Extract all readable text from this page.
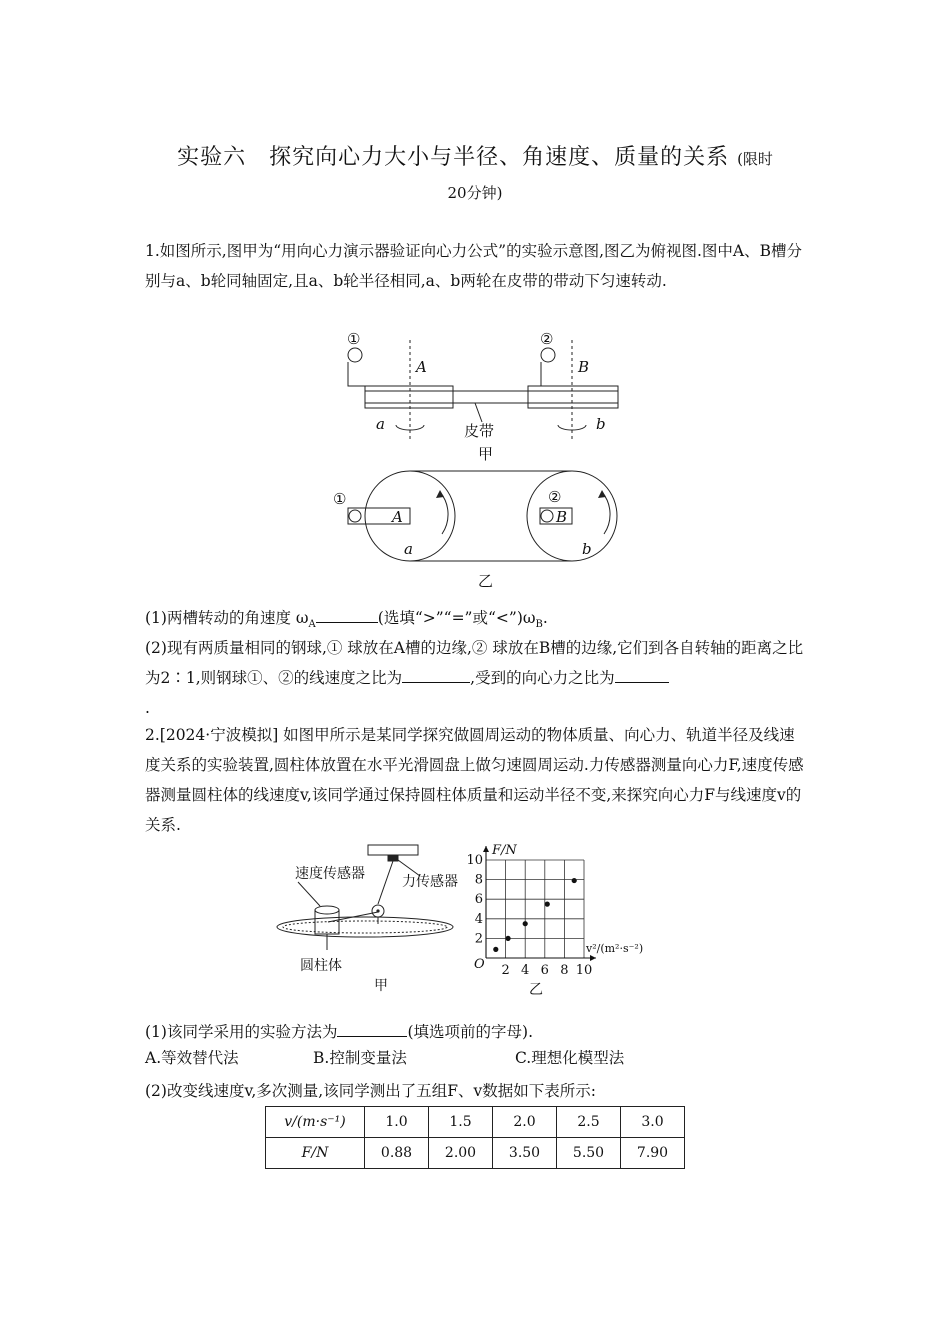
实验六　探究向心力大小与半径、角速度、质量的关系 (限时
20分钟)
1.如图所示,图甲为“用向心力演示器验证向心力公式”的实验示意图,图乙为俯视图.图中A、B槽分别与a、b轮同轴固定,且a、b轮半径相同,a、b两轮在皮带的带动下匀速转动.
①	②
A	B
a	b
皮带
甲
①	②
A	B
a	b
乙
(1)两槽转动的角速度 $\omega_A$	(选填“>”“=”或“$<”)\omega_B$.
(2)现有两质量相同的钢球,① 球放在A槽的边缘,② 球放在B槽的边缘,它们到各自转轴的距离之比为2∶1,则钢球①、②的线速度之比为	,受到的向心力之比为
.
2.[2024·宁波模拟] 如图甲所示是某同学探究做圆周运动的物体质量、向心力、轨道半径及线速度关系的实验装置,圆柱体放置在水平光滑圆盘上做匀速圆周运动.力传感器测量向心力F,速度传感器测量圆柱体的线速度v,该同学通过保持圆柱体质量和运动半径不变,来探究向心力F与线速度v的关系.
速度传感器	力传感器
圆柱体
甲
2 4 6 8 10
2
4
6
8
10
O
F/N
v²/(m²·s⁻²)
乙
(1)该同学采用的实验方法为	(填选项前的字母).
A.等效替代法	B.控制变量法	C.理想化模型法
(2)改变线速度v,多次测量,该同学测出了五组F、v数据如下表所示:
v/(m·s⁻¹)	1.0	1.5	2.0	2.5	3.0
F/N	0.88	2.00	3.50	5.50	7.90
